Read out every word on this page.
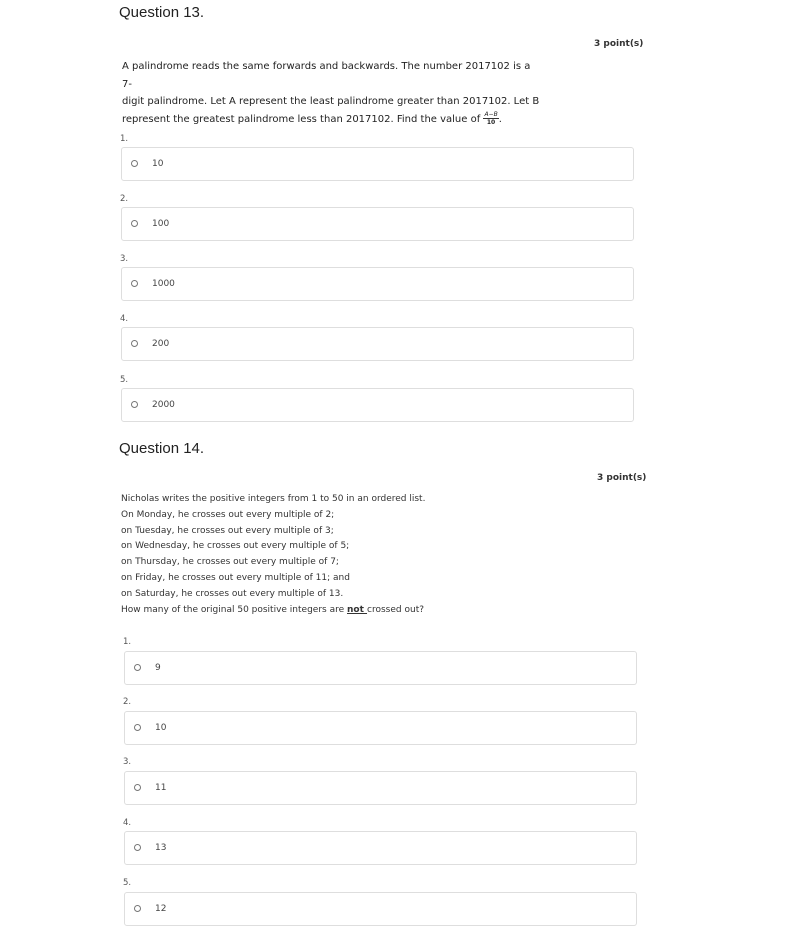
Question 13.
3 point(s)
A palindrome reads the same forwards and backwards. The number 2017102 is a 7-
digit palindrome. Let A represent the least palindrome greater than 2017102. Let B
represent the greatest palindrome less than 2017102. Find the value of $\frac{A-B}{10}$ .
1.
10
2.
100
3.
1000
4.
200
5.
2000
Question 14.
3 point(s)
Nicholas writes the positive integers from 1 to 50 in an ordered list.
On Monday, he crosses out every multiple of 2;
on Tuesday, he crosses out every multiple of 3;
on Wednesday, he crosses out every multiple of 5;
on Thursday, he crosses out every multiple of 7;
on Friday, he crosses out every multiple of 11; and
on Saturday, he crosses out every multiple of 13.
How many of the original 50 positive integers are not crossed out?
1.
9
2.
10
3.
11
4.
13
5.
12
